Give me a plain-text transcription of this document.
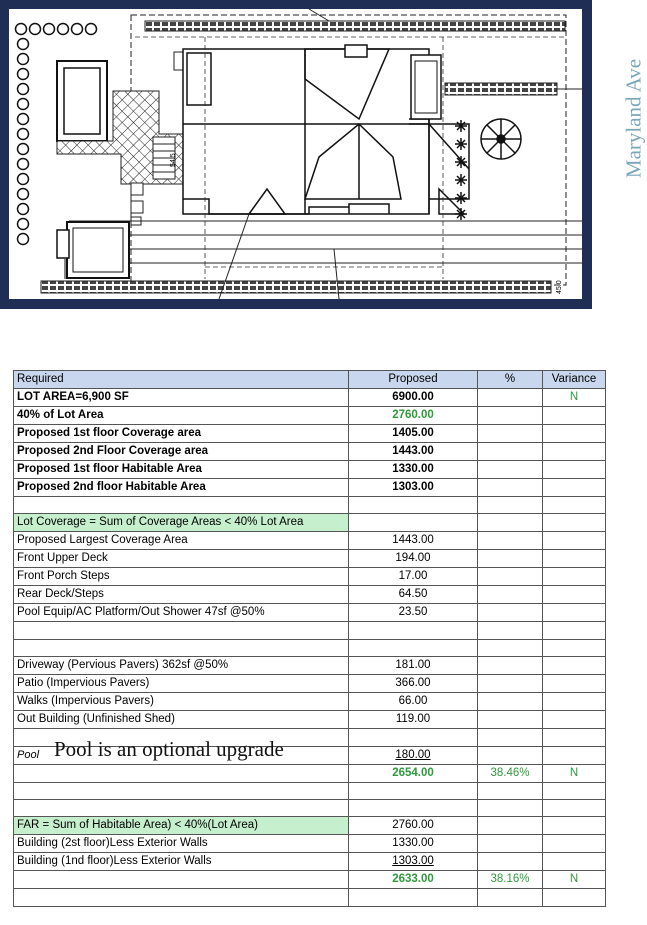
54.5
45.0
Maryland Ave
Required	Proposed	%	Variance
LOT AREA=6,900 SF	6900.00		N
40% of Lot Area	2760.00		
Proposed 1st floor Coverage area	1405.00		
Proposed 2nd Floor Coverage area	1443.00		
Proposed 1st floor Habitable Area	1330.00		
Proposed 2nd floor Habitable Area	1303.00		

Lot Coverage = Sum of Coverage Areas < 40% Lot Area			
Proposed Largest Coverage Area	1443.00		
Front Upper Deck	194.00		
Front Porch Steps	17.00		
Rear Deck/Steps	64.50		
Pool Equip/AC Platform/Out Shower 47sf @50%	23.50		

Driveway (Pervious Pavers) 362sf @50%	181.00		
Patio (Impervious Pavers)	366.00		
Walks (Impervious Pavers)	66.00		
Out Building (Unfinished Shed)	119.00		

Pool Pool is an optional upgrade	180.00		
	2654.00	38.46%	N

FAR = Sum of Habitable Area) < 40%(Lot Area)	2760.00		
Building (2st floor)Less Exterior Walls	1330.00		
Building (1nd floor)Less Exterior Walls	1303.00		
	2633.00	38.16%	N
